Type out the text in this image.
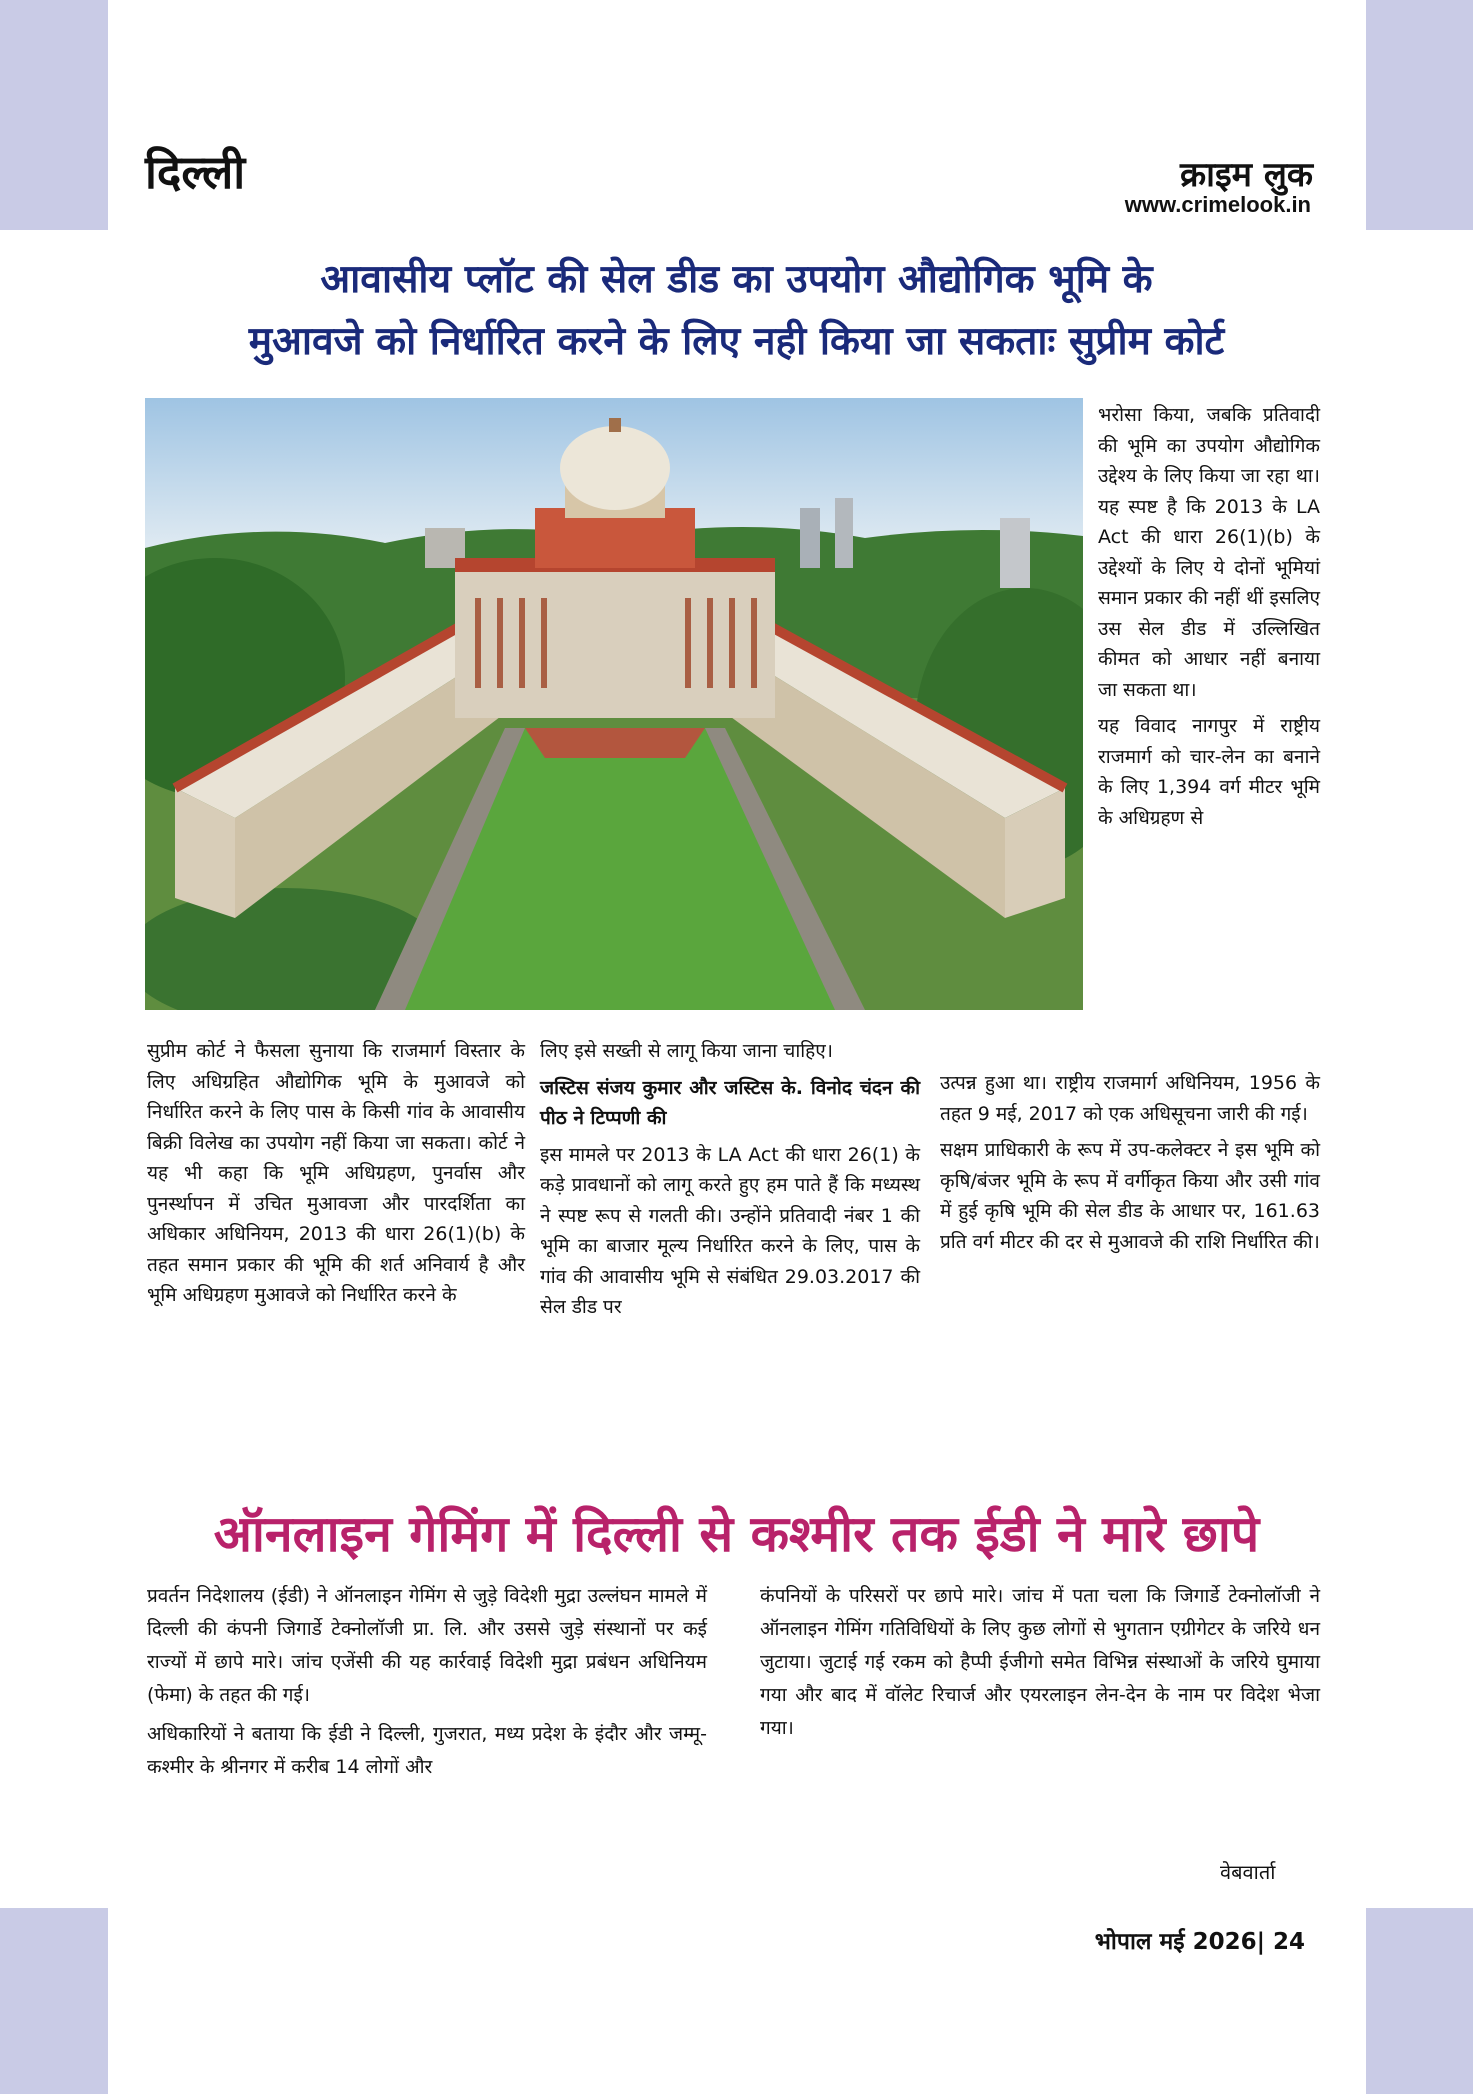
दिल्ली	क्राइम लुक
www.crimelook.in
आवासीय प्लॉट की सेल डीड का उपयोग औद्योगिक भूमि के
मुआवजे को निर्धारित करने के लिए नही किया जा सकताः सुप्रीम कोर्ट

भरोसा किया, जबकि प्रतिवादी की भूमि का उपयोग औद्योगिक उद्देश्य के लिए किया जा रहा था। यह स्पष्ट है कि 2013 के LA Act की धारा 26(1)(b) के उद्देश्यों के लिए ये दोनों भूमियां समान प्रकार की नहीं थीं इसलिए उस सेल डीड में उल्लिखित कीमत को आधार नहीं बनाया जा सकता था।

यह विवाद नागपुर में राष्ट्रीय राजमार्ग को चार-लेन का बनाने के लिए 1,394 वर्ग मीटर भूमि के अधिग्रहण से

उत्पन्न हुआ था। राष्ट्रीय राजमार्ग अधिनियम, 1956 के तहत 9 मई, 2017 को एक अधिसूचना जारी की गई।

सक्षम प्राधिकारी के रूप में उप-कलेक्टर ने इस भूमि को कृषि/बंजर भूमि के रूप में वर्गीकृत किया और उसी गांव में हुई कृषि भूमि की सेल डीड के आधार पर, 161.63 प्रति वर्ग मीटर की दर से मुआवजे की राशि निर्धारित की।

सुप्रीम कोर्ट ने फैसला सुनाया कि राजमार्ग विस्तार के लिए अधिग्रहित औद्योगिक भूमि के मुआवजे को निर्धारित करने के लिए पास के किसी गांव के आवासीय बिक्री विलेख का उपयोग नहीं किया जा सकता। कोर्ट ने यह भी कहा कि भूमि अधिग्रहण, पुनर्वास और पुनर्स्थापन में उचित मुआवजा और पारदर्शिता का अधिकार अधिनियम, 2013 की धारा 26(1)(b) के तहत समान प्रकार की भूमि की शर्त अनिवार्य है और भूमि अधिग्रहण मुआवजे को निर्धारित करने के

लिए इसे सख्ती से लागू किया जाना चाहिए।

जस्टिस संजय कुमार और जस्टिस के. विनोद चंदन की पीठ ने टिप्पणी की

इस मामले पर 2013 के LA Act की धारा 26(1) के कड़े प्रावधानों को लागू करते हुए हम पाते हैं कि मध्यस्थ ने स्पष्ट रूप से गलती की। उन्होंने प्रतिवादी नंबर 1 की भूमि का बाजार मूल्य निर्धारित करने के लिए, पास के गांव की आवासीय भूमि से संबंधित 29.03.2017 की सेल डीड पर

ऑनलाइन गेमिंग में दिल्ली से कश्मीर तक ईडी ने मारे छापे

प्रवर्तन निदेशालय (ईडी) ने ऑनलाइन गेमिंग से जुड़े विदेशी मुद्रा उल्लंघन मामले में दिल्ली की कंपनी जिगार्डे टेक्नोलॉजी प्रा. लि. और उससे जुड़े संस्थानों पर कई राज्यों में छापे मारे। जांच एजेंसी की यह कार्रवाई विदेशी मुद्रा प्रबंधन अधिनियम (फेमा) के तहत की गई।

अधिकारियों ने बताया कि ईडी ने दिल्ली, गुजरात, मध्य प्रदेश के इंदौर और जम्मू-कश्मीर के श्रीनगर में करीब 14 लोगों और

कंपनियों के परिसरों पर छापे मारे। जांच में पता चला कि जिगार्डे टेक्नोलॉजी ने ऑनलाइन गेमिंग गतिविधियों के लिए कुछ लोगों से भुगतान एग्रीगेटर के जरिये धन जुटाया। जुटाई गई रकम को हैप्पी ईजीगो समेत विभिन्न संस्थाओं के जरिये घुमाया गया और बाद में वॉलेट रिचार्ज और एयरलाइन लेन-देन के नाम पर विदेश भेजा गया।

वेबवार्ता
भोपाल मई 2026| 24
